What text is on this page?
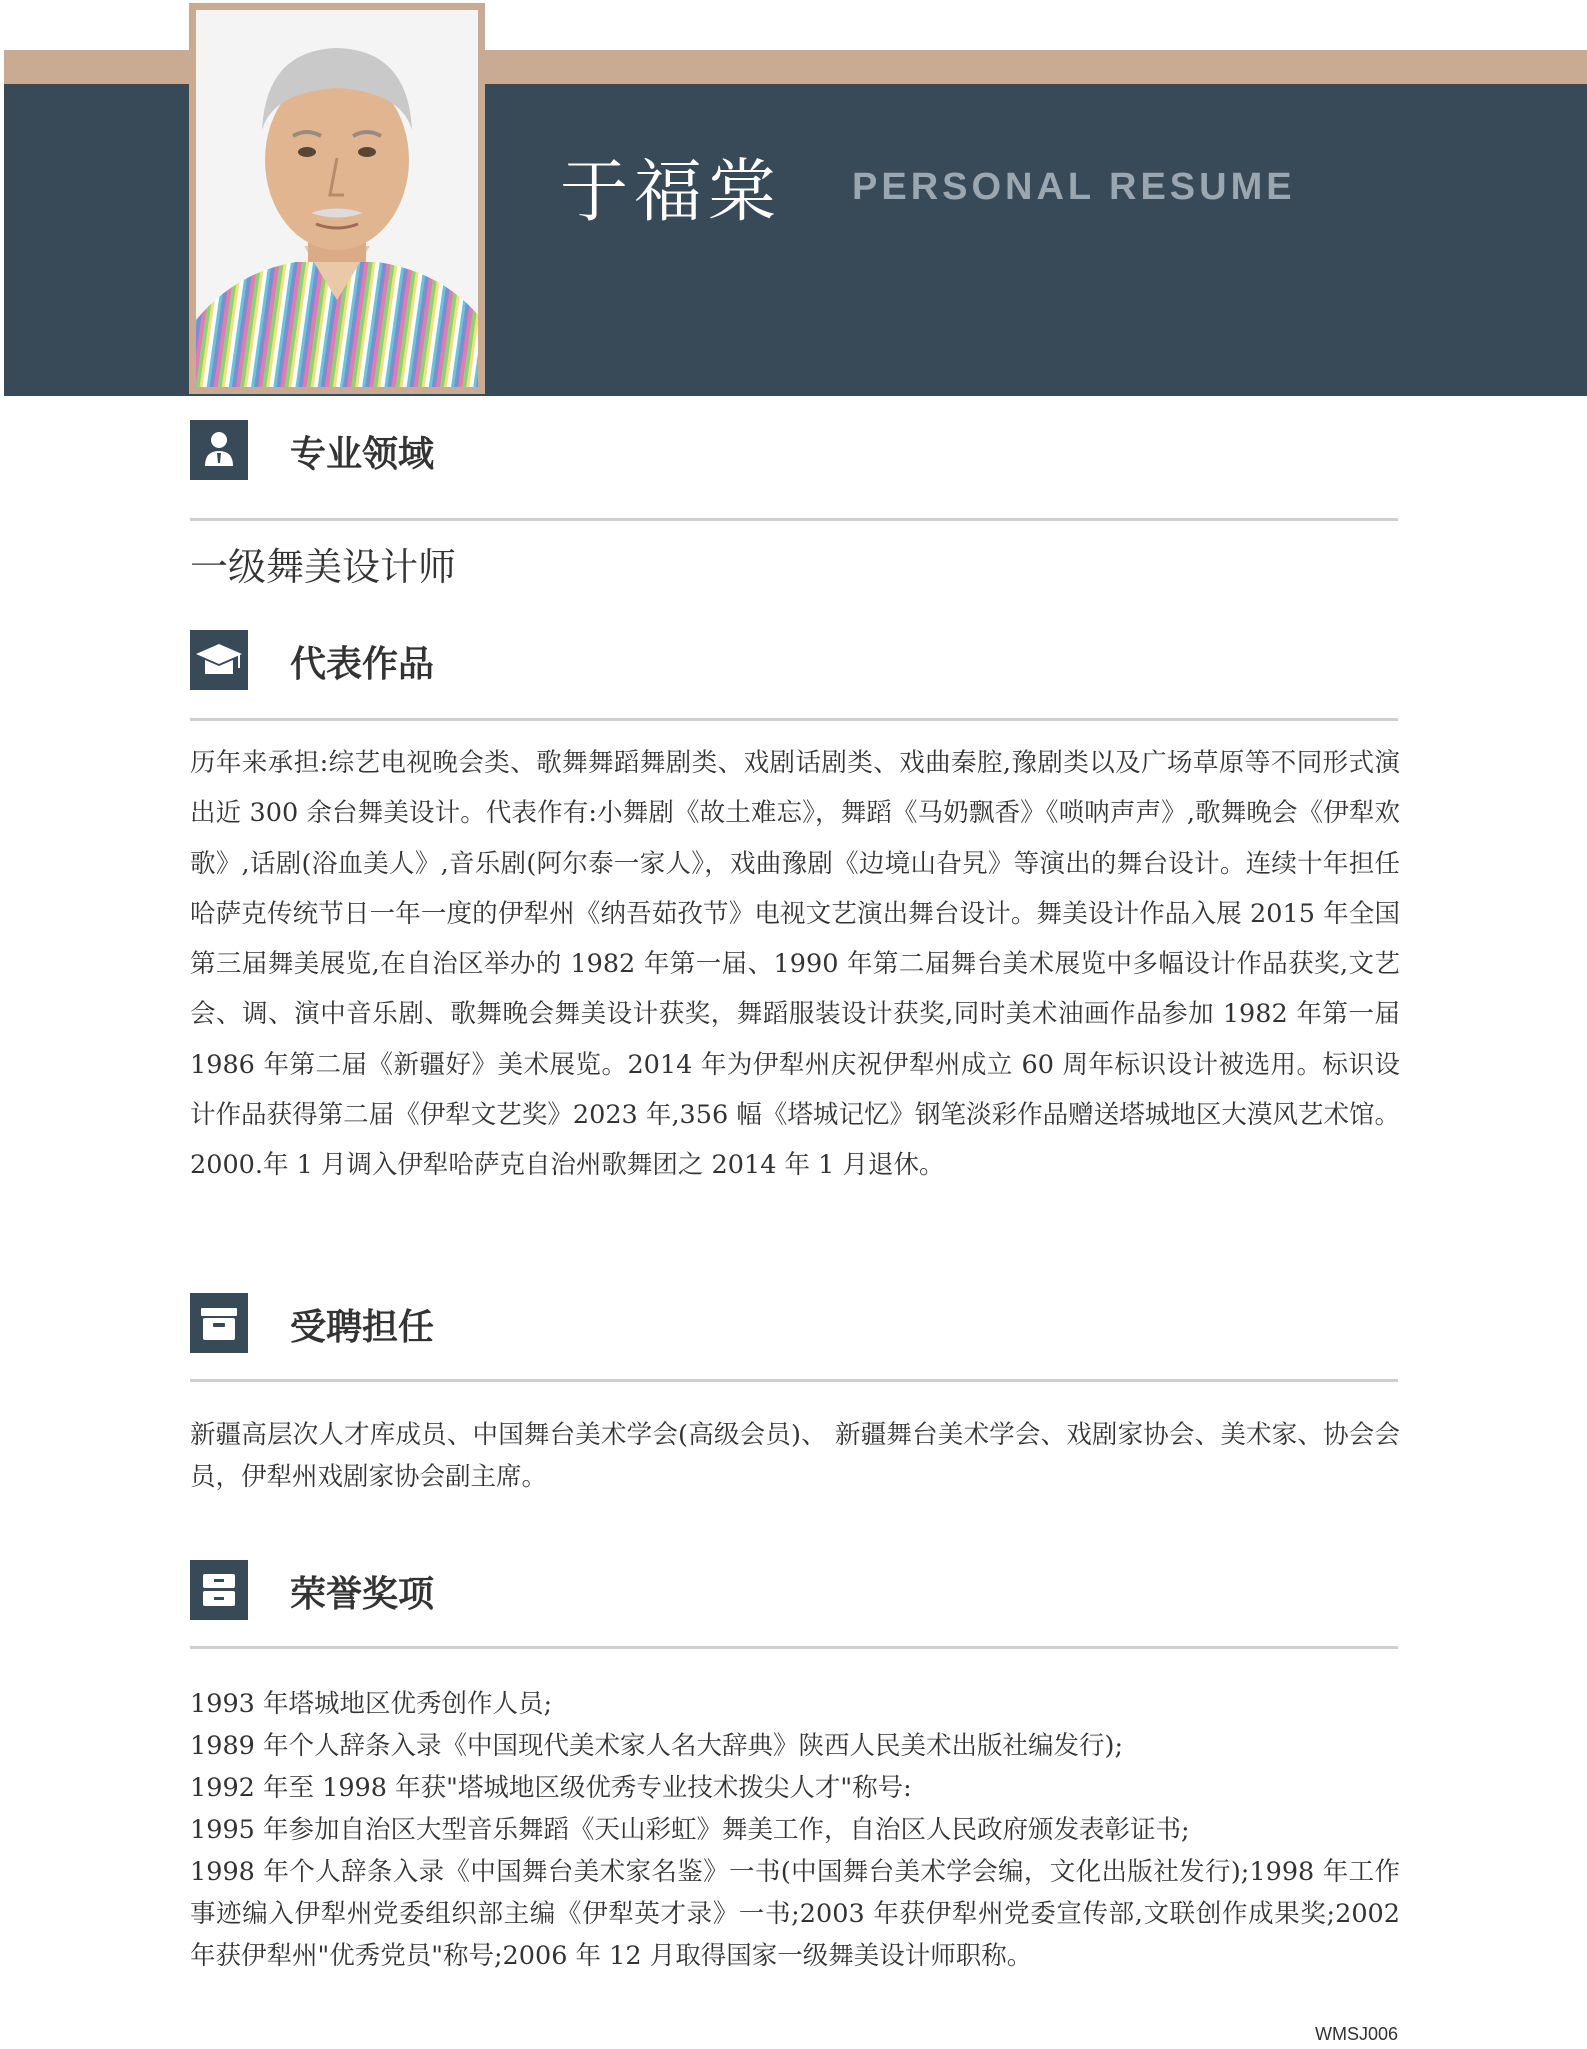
于福棠 PERSONAL RESUME
专业领域
一级舞美设计师
代表作品
历年来承担:综艺电视晚会类、歌舞舞蹈舞剧类、戏剧话剧类、戏曲秦腔,豫剧类以及广场草原等不同形式演出近 300 余台舞美设计。代表作有:小舞剧《故土难忘》，舞蹈《马奶飘香》《唢呐声声》,歌舞晚会《伊犁欢歌》,话剧(浴血美人》,音乐剧(阿尔泰一家人》，戏曲豫剧《边境山旮旯》等演出的舞台设计。连续十年担任哈萨克传统节日一年一度的伊犁州《纳吾茹孜节》电视文艺演出舞台设计。舞美设计作品入展 2015 年全国第三届舞美展览,在自治区举办的 1982 年第一届、1990 年第二届舞台美术展览中多幅设计作品获奖,文艺会、调、演中音乐剧、歌舞晚会舞美设计获奖，舞蹈服装设计获奖,同时美术油画作品参加 1982 年第一届 1986 年第二届《新疆好》美术展览。2014 年为伊犁州庆祝伊犁州成立 60 周年标识设计被选用。标识设计作品获得第二届《伊犁文艺奖》2023 年,356 幅《塔城记忆》钢笔淡彩作品赠送塔城地区大漠风艺术馆。2000.年 1 月调入伊犁哈萨克自治州歌舞团之 2014 年 1 月退休。
受聘担任
新疆高层次人才库成员、中国舞台美术学会(高级会员)、 新疆舞台美术学会、戏剧家协会、美术家、协会会员，伊犁州戏剧家协会副主席。
荣誉奖项
1993 年塔城地区优秀创作人员;
1989 年个人辞条入录《中国现代美术家人名大辞典》陕西人民美术出版社编发行);
1992 年至 1998 年获"塔城地区级优秀专业技术拨尖人才"称号:
1995 年参加自治区大型音乐舞蹈《天山彩虹》舞美工作，自治区人民政府颁发表彰证书;
1998 年个人辞条入录《中国舞台美术家名鉴》一书(中国舞台美术学会编，文化出版社发行);1998 年工作事迹编入伊犁州党委组织部主编《伊犁英才录》一书;2003 年获伊犁州党委宣传部,文联创作成果奖;2002 年获伊犁州"优秀党员"称号;2006 年 12 月取得国家一级舞美设计师职称。
WMSJ006
